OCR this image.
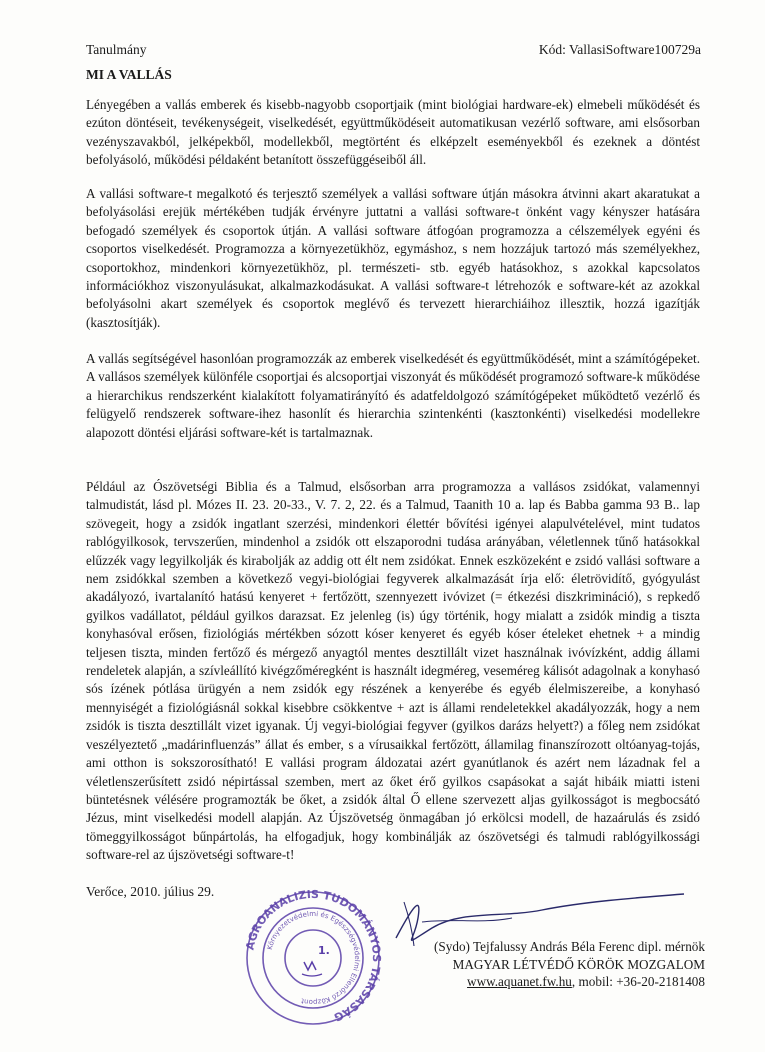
Tanulmány	Kód: VallasiSoftware100729a
MI A VALLÁS

Lényegében a vallás emberek és kisebb-nagyobb csoportjaik (mint biológiai hardware-ek) elmebeli működését és ezúton döntéseit, tevékenységeit, viselkedését, együttműködéseit automatikusan vezérlő software, ami elsősorban vezényszavakból, jelképekből, modellekből, megtörtént és elképzelt eseményekből és ezeknek a döntést befolyásoló, működési példaként betanított összefüggéseiből áll.

A vallási software-t megalkotó és terjesztő személyek a vallási software útján másokra átvinni akart akaratukat a befolyásolási erejük mértékében tudják érvényre juttatni a vallási software-t önként vagy kényszer hatására befogadó személyek és csoportok útján. A vallási software átfogóan programozza a célszemélyek egyéni és csoportos viselkedését. Programozza a környezetükhöz, egymáshoz, s nem hozzájuk tartozó más személyekhez, csoportokhoz, mindenkori környezetükhöz, pl. természeti- stb. egyéb hatásokhoz, s azokkal kapcsolatos információkhoz viszonyulásukat, alkalmazkodásukat. A vallási software-t létrehozók e software-két az azokkal befolyásolni akart személyek és csoportok meglévő és tervezett hierarchiáihoz illesztik, hozzá igazítják (kasztosítják).

A vallás segítségével hasonlóan programozzák az emberek viselkedését és együttműködését, mint a számítógépeket. A vallásos személyek különféle csoportjai és alcsoportjai viszonyát és működését programozó software-k működése a hierarchikus rendszerként kialakított folyamatirányító és adatfeldolgozó számítógépeket működtető vezérlő és felügyelő rendszerek software-ihez hasonlít és hierarchia szintenkénti (kasztonkénti) viselkedési modellekre alapozott döntési eljárási software-két is tartalmaznak.

Például az Ószövetségi Biblia és a Talmud, elsősorban arra programozza a vallásos zsidókat, valamennyi talmudistát, lásd pl. Mózes II. 23. 20-33., V. 7. 2, 22. és a Talmud, Taanith 10 a. lap és Babba gamma 93 B.. lap szövegeit, hogy a zsidók ingatlant szerzési, mindenkori élettér bővítési igényei alapulvételével, mint tudatos rablógyilkosok, tervszerűen, mindenhol a zsidók ott elszaporodni tudása arányában, véletlennek tűnő hatásokkal elűzzék vagy legyilkolják és kirabolják az addig ott élt nem zsidókat. Ennek eszközeként e zsidó vallási software a nem zsidókkal szemben a következő vegyi-biológiai fegyverek alkalmazását írja elő: életrövidítő, gyógyulást akadályozó, ivartalanító hatású kenyeret + fertőzött, szennyezett ivóvizet (= étkezési diszkrimináció), s repkedő gyilkos vadállatot, például gyilkos darazsat. Ez jelenleg (is) úgy történik, hogy mialatt a zsidók mindig a tiszta konyhasóval erősen, fiziológiás mértékben sózott kóser kenyeret és egyéb kóser ételeket ehetnek + a mindig teljesen tiszta, minden fertőző és mérgező anyagtól mentes desztillált vizet használnak ivóvízként, addig állami rendeletek alapján, a szívleállító kivégzőméregként is használt idegméreg, veseméreg kálisót adagolnak a konyhasó sós ízének pótlása ürügyén a nem zsidók egy részének a kenyerébe és egyéb élelmiszereibe, a konyhasó mennyiségét a fiziológiásnál sokkal kisebbre csökkentve + azt is állami rendeletekkel akadályozzák, hogy a nem zsidók is tiszta desztillált vizet igyanak. Új vegyi-biológiai fegyver (gyilkos darázs helyett?) a főleg nem zsidókat veszélyeztető „madárinfluenzás” állat és ember, s a vírusaikkal fertőzött, államilag finanszírozott oltóanyag-tojás, ami otthon is sokszorosítható! E vallási program áldozatai azért gyanútlanok és azért nem lázadnak fel a véletlenszerűsített zsidó népirtással szemben, mert az őket érő gyilkos csapásokat a saját hibáik miatti isteni büntetésnek vélésére programozták be őket, a zsidók által Ő ellene szervezett aljas gyilkosságot is megbocsátó Jézus, mint viselkedési modell alapján. Az Újszövetség önmagában jó erkölcsi modell, de hazaárulás és zsidó tömeggyilkosságot bűnpártolás, ha elfogadjuk, hogy kombinálják az ószövetségi és talmudi rablógyilkossági software-rel az újszövetségi software-t!

Verőce, 2010. július 29.
AGROANALIZIS TUDOMÁNYOS TÁRSASÁG
Környezetvédelmi és Egészségvédelmi Ellenőrző Központ
1.	(Sydo) Tejfalussy András Béla Ferenc dipl. mérnök
MAGYAR LÉTVÉDŐ KÖRÖK MOZGALOM
www.aquanet.fw.hu, mobil: +36-20-2181408
